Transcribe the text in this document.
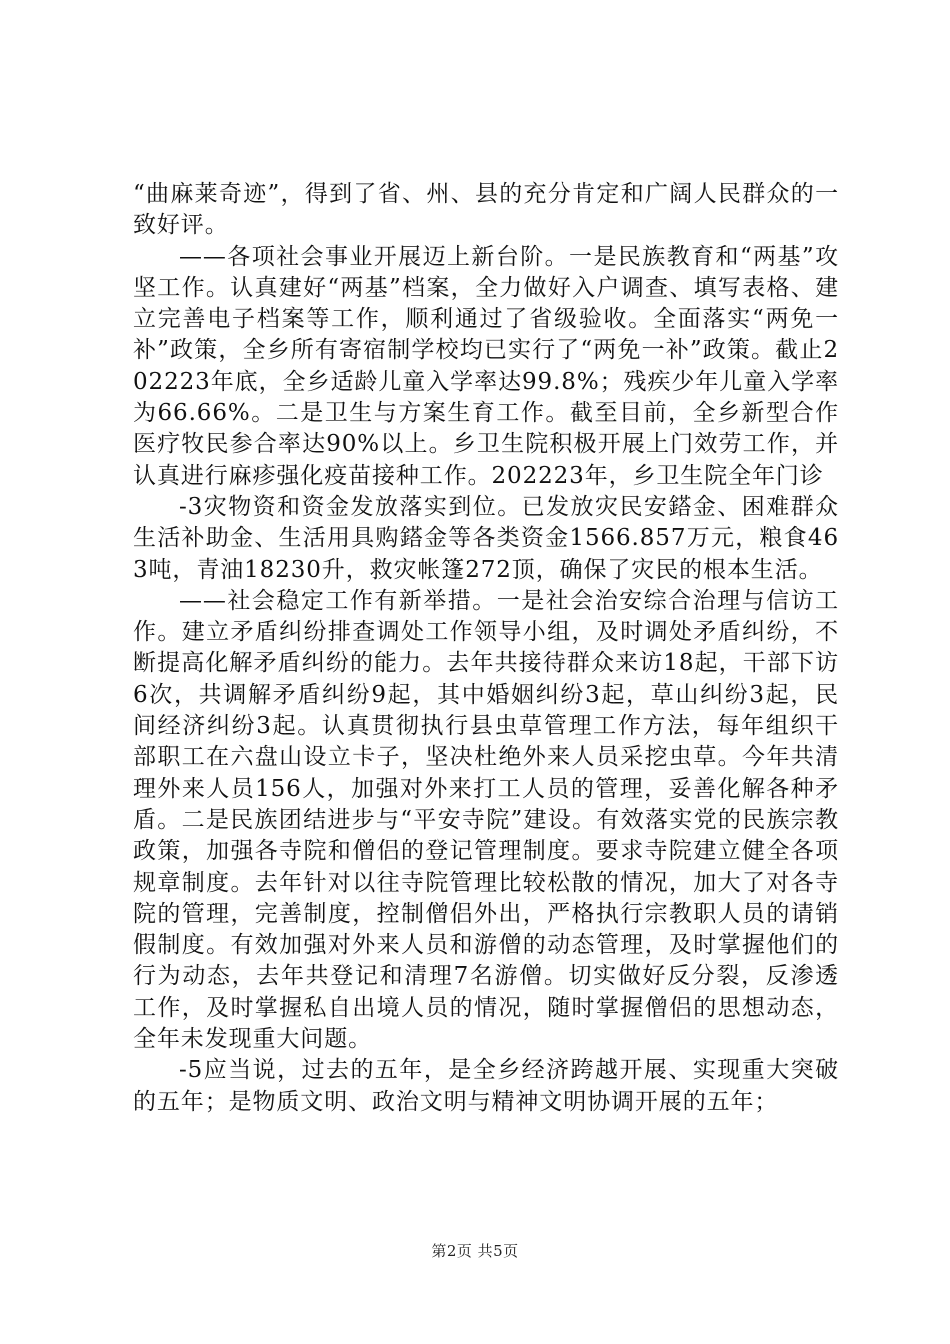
“曲麻莱奇迹”，得到了省、州、县的充分肯定和广阔人民群众的一致好评。

——各项社会事业开展迈上新台阶。一是民族教育和“两基”攻坚工作。认真建好“两基”档案，全力做好入户调查、填写表格、建立完善电子档案等工作，顺利通过了省级验收。全面落实“两免一补”政策，全乡所有寄宿制学校均已实行了“两免一补”政策。截止202223年底，全乡适龄儿童入学率达99.8%；残疾少年儿童入学率为66.66%。二是卫生与方案生育工作。截至目前，全乡新型合作医疗牧民参合率达90%以上。乡卫生院积极开展上门效劳工作，并认真进行麻疹强化疫苗接种工作。202223年，乡卫生院全年门诊

-3灾物资和资金发放落实到位。已发放灾民安鎝金、困难群众生活补助金、生活用具购鎝金等各类资金1566.857万元，粮食463吨，青油18230升，救灾帐篷272顶，确保了灾民的根本生活。

——社会稳定工作有新举措。一是社会治安综合治理与信访工作。建立矛盾纠纷排查调处工作领导小组，及时调处矛盾纠纷，不断提高化解矛盾纠纷的能力。去年共接待群众来访18起，干部下访6次，共调解矛盾纠纷9起，其中婚姻纠纷3起，草山纠纷3起，民间经济纠纷3起。认真贯彻执行县虫草管理工作方法，每年组织干部职工在六盘山设立卡子，坚决杜绝外来人员采挖虫草。今年共清理外来人员156人，加强对外来打工人员的管理，妥善化解各种矛盾。二是民族团结进步与“平安寺院”建设。有效落实党的民族宗教政策，加强各寺院和僧侣的登记管理制度。要求寺院建立健全各项规章制度。去年针对以往寺院管理比较松散的情况，加大了对各寺院的管理，完善制度，控制僧侣外出，严格执行宗教职人员的请销假制度。有效加强对外来人员和游僧的动态管理，及时掌握他们的行为动态，去年共登记和清理7名游僧。切实做好反分裂，反渗透工作，及时掌握私自出境人员的情况，随时掌握僧侣的思想动态，全年未发现重大问题。

-5应当说，过去的五年，是全乡经济跨越开展、实现重大突破的五年；是物质文明、政治文明与精神文明协调开展的五年；

第2页 共5页
